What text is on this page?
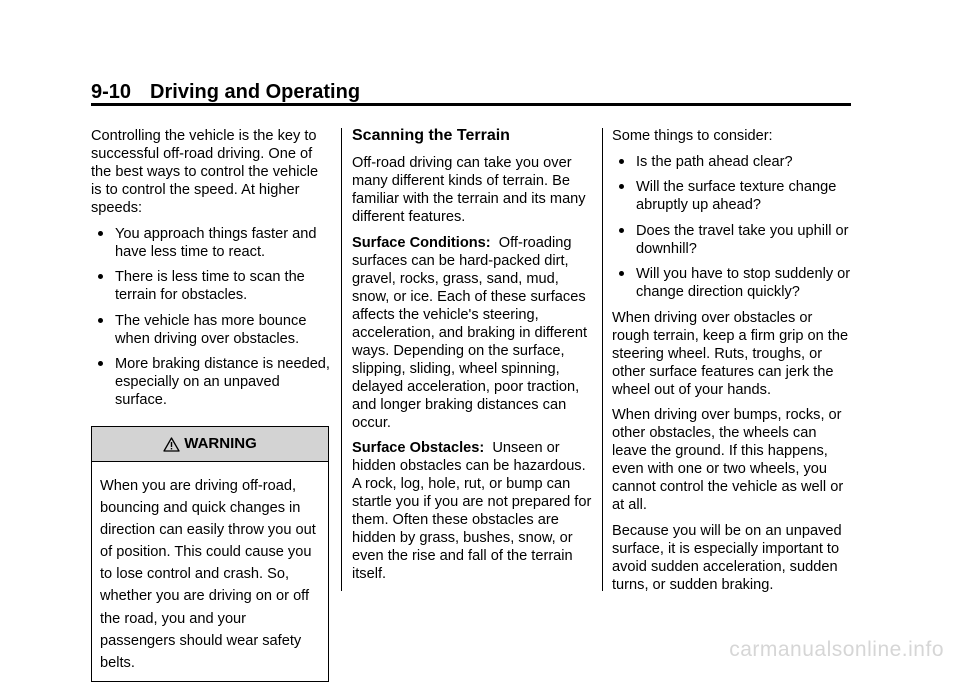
9-10 Driving and Operating

Controlling the vehicle is the key to successful off-road driving. One of the best ways to control the vehicle is to control the speed. At higher speeds:

You approach things faster and have less time to react.
There is less time to scan the terrain for obstacles.
The vehicle has more bounce when driving over obstacles.
More braking distance is needed, especially on an unpaved surface.
WARNING
When you are driving off-road, bouncing and quick changes in direction can easily throw you out of position. This could cause you to lose control and crash. So, whether you are driving on or off the road, you and your passengers should wear safety belts.
Scanning the Terrain

Off-road driving can take you over many different kinds of terrain. Be familiar with the terrain and its many different features.

Surface Conditions: Off-roading surfaces can be hard-packed dirt, gravel, rocks, grass, sand, mud, snow, or ice. Each of these surfaces affects the vehicle's steering, acceleration, and braking in different ways. Depending on the surface, slipping, sliding, wheel spinning, delayed acceleration, poor traction, and longer braking distances can occur.

Surface Obstacles: Unseen or hidden obstacles can be hazardous. A rock, log, hole, rut, or bump can startle you if you are not prepared for them. Often these obstacles are hidden by grass, bushes, snow, or even the rise and fall of the terrain itself.

Some things to consider:

Is the path ahead clear?
Will the surface texture change abruptly up ahead?
Does the travel take you uphill or downhill?
Will you have to stop suddenly or change direction quickly?

When driving over obstacles or rough terrain, keep a firm grip on the steering wheel. Ruts, troughs, or other surface features can jerk the wheel out of your hands.

When driving over bumps, rocks, or other obstacles, the wheels can leave the ground. If this happens, even with one or two wheels, you cannot control the vehicle as well or at all.

Because you will be on an unpaved surface, it is especially important to avoid sudden acceleration, sudden turns, or sudden braking.

carmanualsonline.info
